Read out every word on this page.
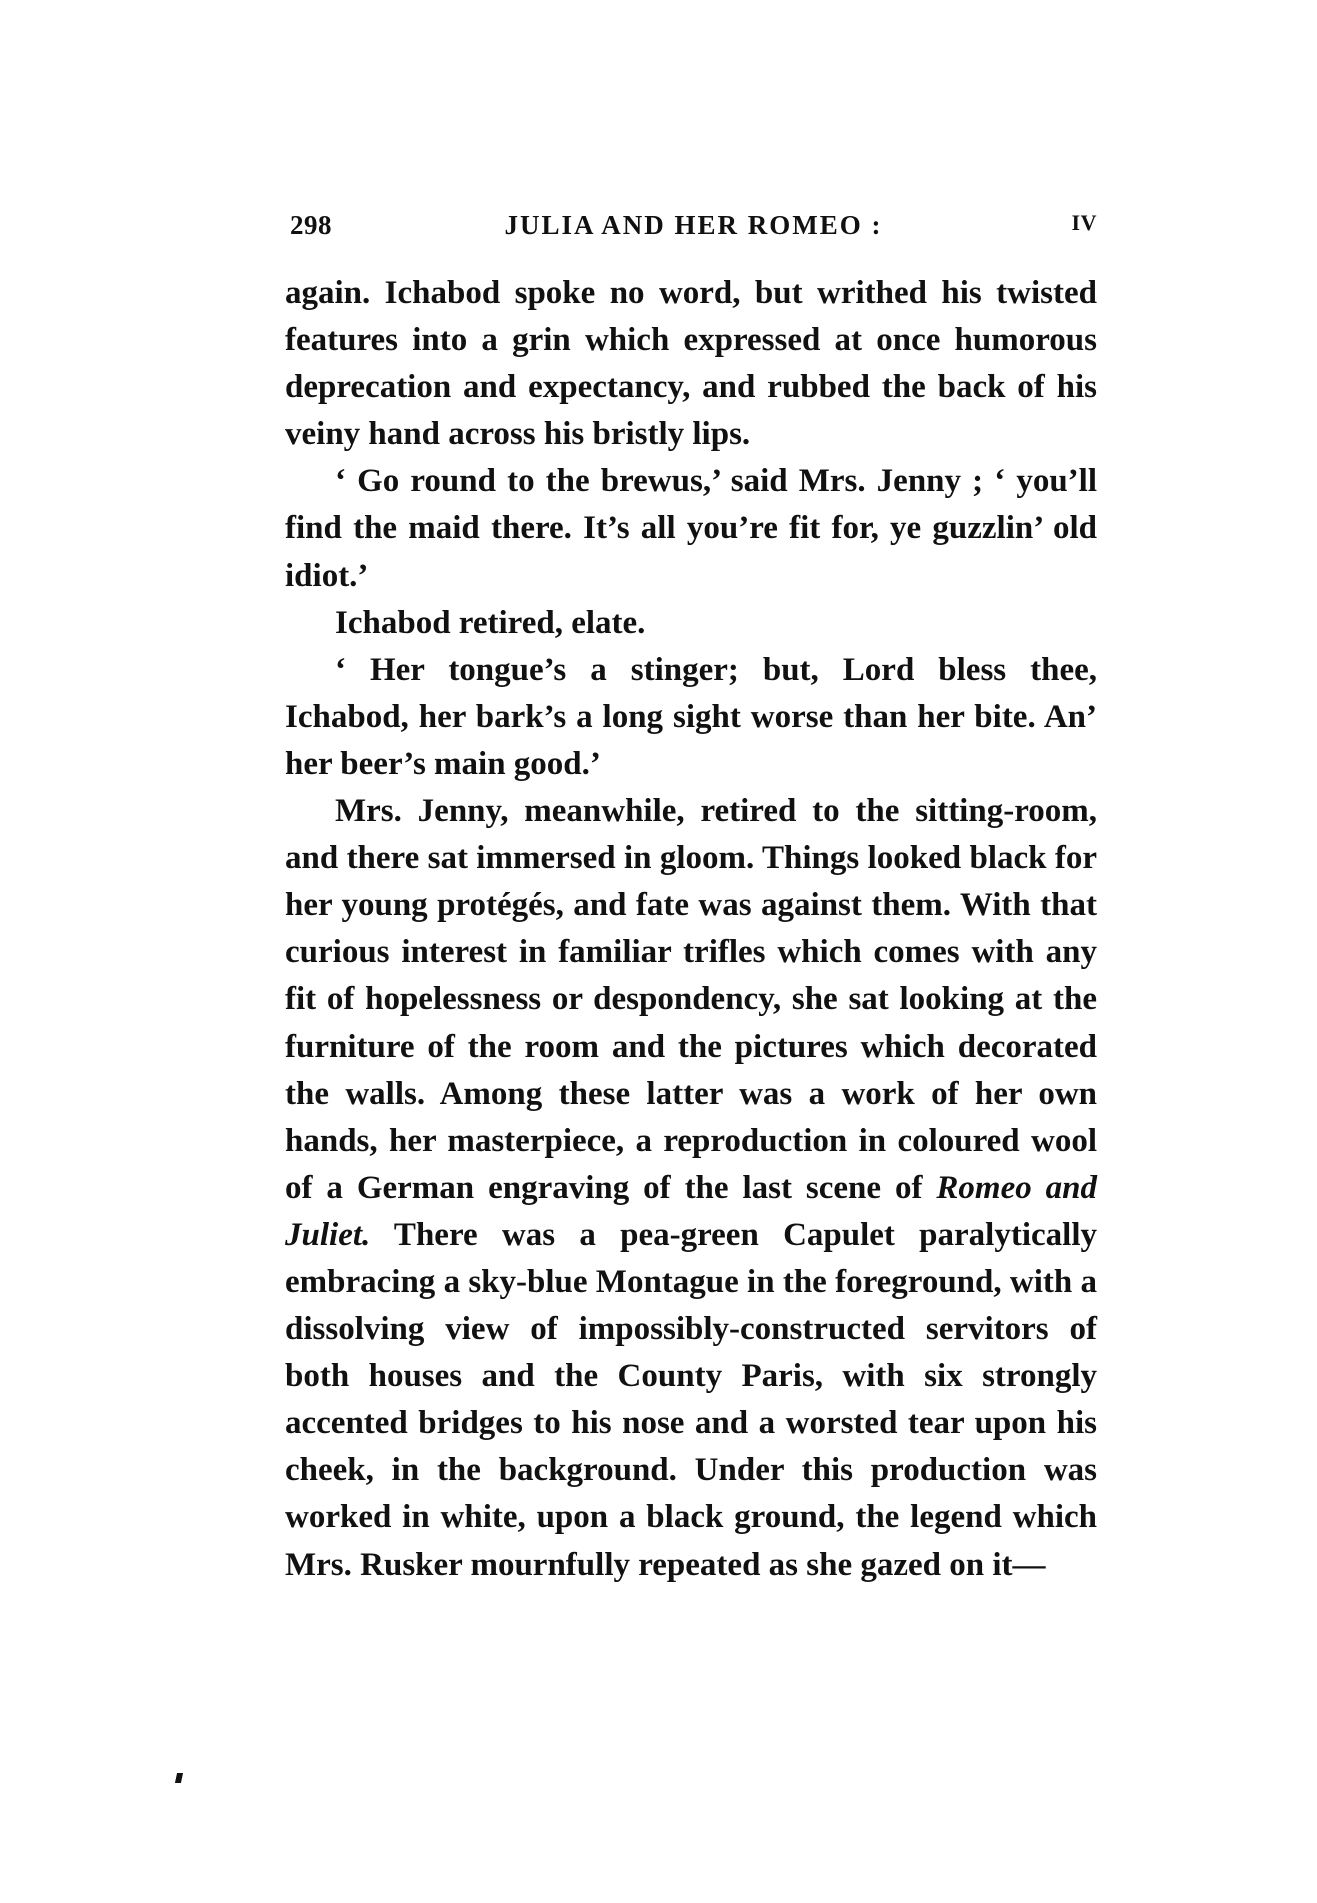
298	JULIA AND HER ROMEO :	IV

again. Ichabod spoke no word, but writhed his twisted features into a grin which expressed at once humorous deprecation and expectancy, and rubbed the back of his veiny hand across his bristly lips.

‘ Go round to the brewus,’ said Mrs. Jenny ; ‘ you’ll find the maid there. It’s all you’re fit for, ye guzzlin’ old idiot.’

Ichabod retired, elate.

‘ Her tongue’s a stinger; but, Lord bless thee, Ichabod, her bark’s a long sight worse than her bite. An’ her beer’s main good.’

Mrs. Jenny, meanwhile, retired to the sitting-room, and there sat immersed in gloom. Things looked black for her young protégés, and fate was against them. With that curious interest in familiar trifles which comes with any fit of hopelessness or despondency, she sat looking at the furniture of the room and the pictures which decorated the walls. Among these latter was a work of her own hands, her masterpiece, a reproduction in coloured wool of a German engraving of the last scene of Romeo and Juliet. There was a pea-green Capulet paralytically embracing a sky-blue Montague in the foreground, with a dissolving view of impossibly-constructed servitors of both houses and the County Paris, with six strongly accented bridges to his nose and a worsted tear upon his cheek, in the background. Under this production was worked in white, upon a black ground, the legend which Mrs. Rusker mournfully repeated as she gazed on it—
